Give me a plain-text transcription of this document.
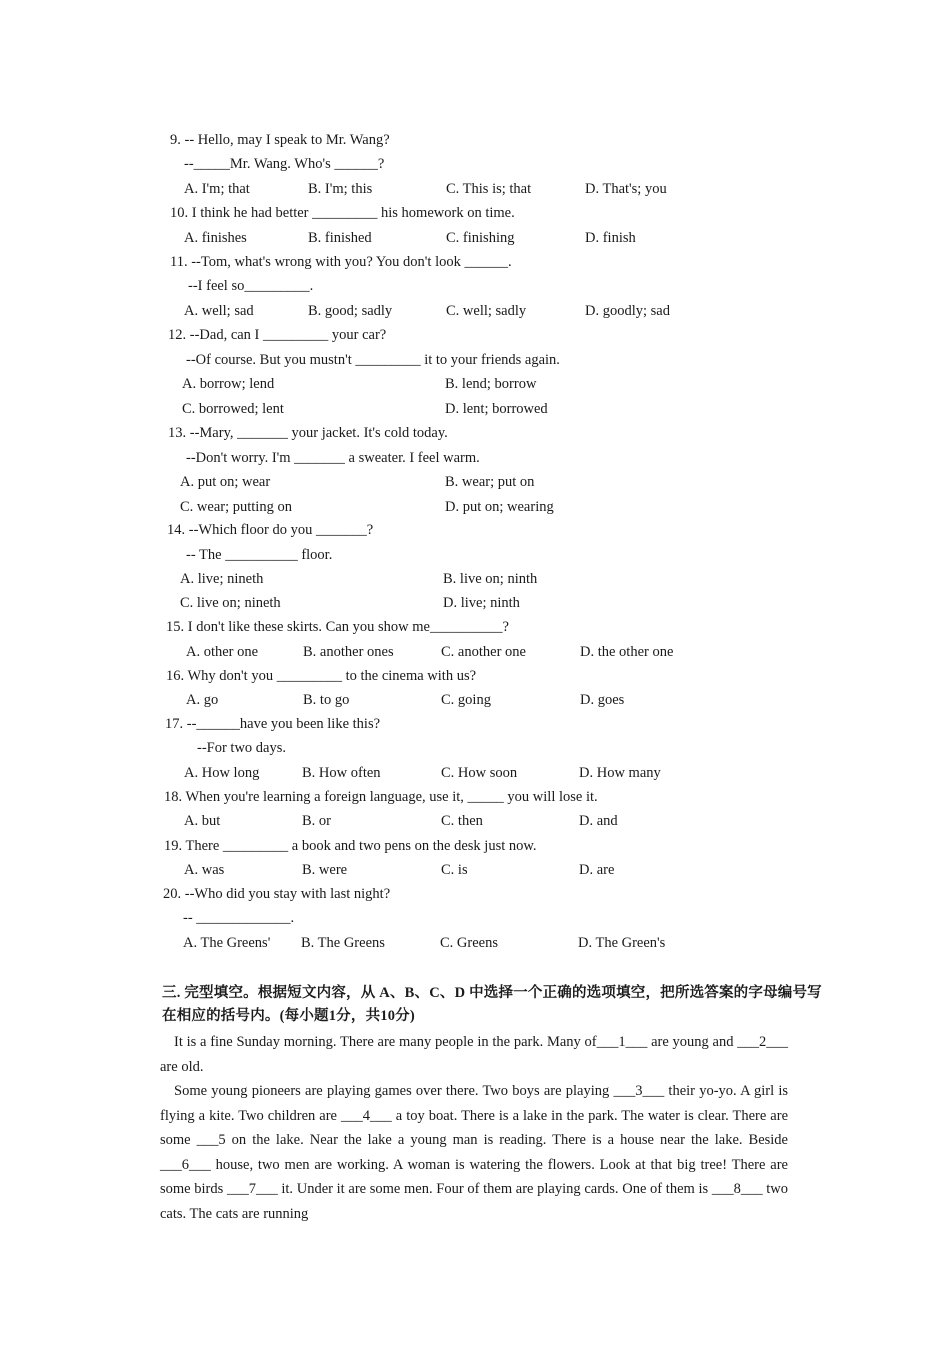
9. -- Hello, may I speak to Mr. Wang?
--_____Mr. Wang. Who's ______?
A. I'm; that	B. I'm; this	C. This is; that	D. That's; you
10. I think he had better _________ his homework on time.
A. finishes	B. finished	C. finishing	D. finish
11. --Tom, what's wrong with you? You don't look ______.
--I feel so_________.
A. well; sad	B. good; sadly	C. well; sadly	D. goodly; sad
12. --Dad, can I _________ your car?
--Of course. But you mustn't _________ it to your friends again.
A. borrow; lend	B. lend; borrow
C. borrowed; lent	D. lent; borrowed
13. --Mary, _______ your jacket. It's cold today.
--Don't worry. I'm _______ a sweater. I feel warm.
A. put on; wear	B. wear; put on
C. wear; putting on	D. put on; wearing
14. --Which floor do you _______?
-- The __________ floor.
A. live; nineth	B. live on; ninth
C. live on; nineth	D. live; ninth
15. I don't like these skirts. Can you show me__________?
A. other one	B. another ones	C. another one	D. the other one
16. Why don't you _________ to the cinema with us?
A. go	B. to go	C. going	D. goes
17. --______have you been like this?
--For two days.
A. How long	B. How often	C. How soon	D. How many
18. When you're learning a foreign language, use it, _____ you will lose it.
A. but	B. or	C. then	D. and
19. There _________ a book and two pens on the desk just now.
A. was	B. were	C. is	D. are
20. --Who did you stay with last night?
-- _____________.
A. The Greens' B. The Greens	C. Greens	D. The Green's
三. 完型填空。根据短文内容，从 A、B、C、D 中选择一个正确的选项填空，把所选答案的字母编号写
在相应的括号内。(每小题1分，共10分)
It is a fine Sunday morning. There are many people in the park. Many of___1___ are young and ___2___ are old.
Some young pioneers are playing games over there. Two boys are playing ___3___ their yo-yo. A girl is flying a kite. Two children are ___4___ a toy boat. There is a lake in the park. The water is clear. There are some ___5 on the lake. Near the lake a young man is reading. There is a house near the lake. Beside ___6___ house, two men are working. A woman is watering the flowers. Look at that big tree! There are some birds ___7___ it. Under it are some men. Four of them are playing cards. One of them is ___8___ two cats. The cats are running
